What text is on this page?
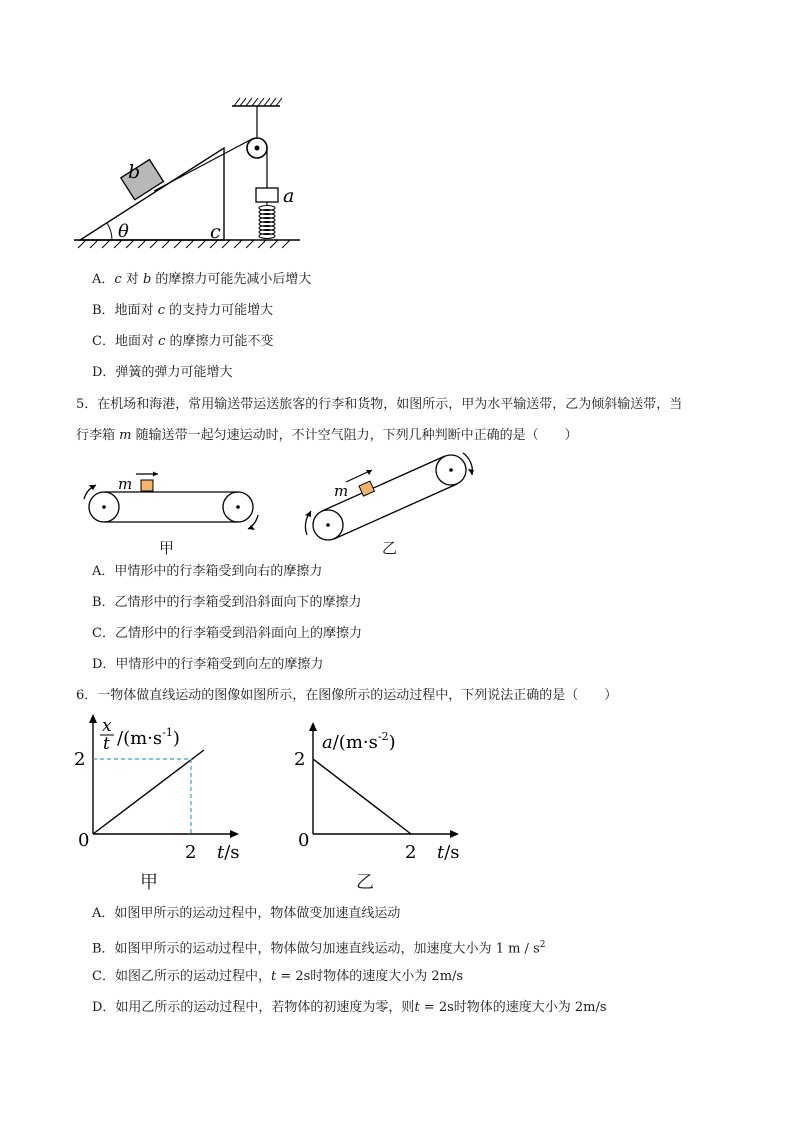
b
a
θ	c
A．c 对 b 的摩擦力可能先减小后增大
B．地面对 c 的支持力可能增大
C．地面对 c 的摩擦力可能不变
D．弹簧的弹力可能增大
5．在机场和海港，常用输送带运送旅客的行李和货物，如图所示，甲为水平输送带，乙为倾斜输送带，当
行李箱 m 随输送带一起匀速运动时，不计空气阻力，下列几种判断中正确的是（　　）
m	m
甲	乙
A．甲情形中的行李箱受到向右的摩擦力
B．乙情形中的行李箱受到沿斜面向下的摩擦力
C．乙情形中的行李箱受到沿斜面向上的摩擦力
D．甲情形中的行李箱受到向左的摩擦力
6．一物体做直线运动的图像如图所示，在图像所示的运动过程中，下列说法正确的是（　　）
x
t $/(m\cdot s^{-1})$
2
0
2 t/s
甲
$a/(m\cdot s^{-2})$
2
0
2 t/s
乙
A．如图甲所示的运动过程中，物体做变加速直线运动
B．如图甲所示的运动过程中，物体做匀加速直线运动，加速度大小为 1 m / $s^2$
C．如图乙所示的运动过程中，t = 2s时物体的速度大小为 2m/s
D．如用乙所示的运动过程中，若物体的初速度为零，则t = 2s时物体的速度大小为 2m/s
